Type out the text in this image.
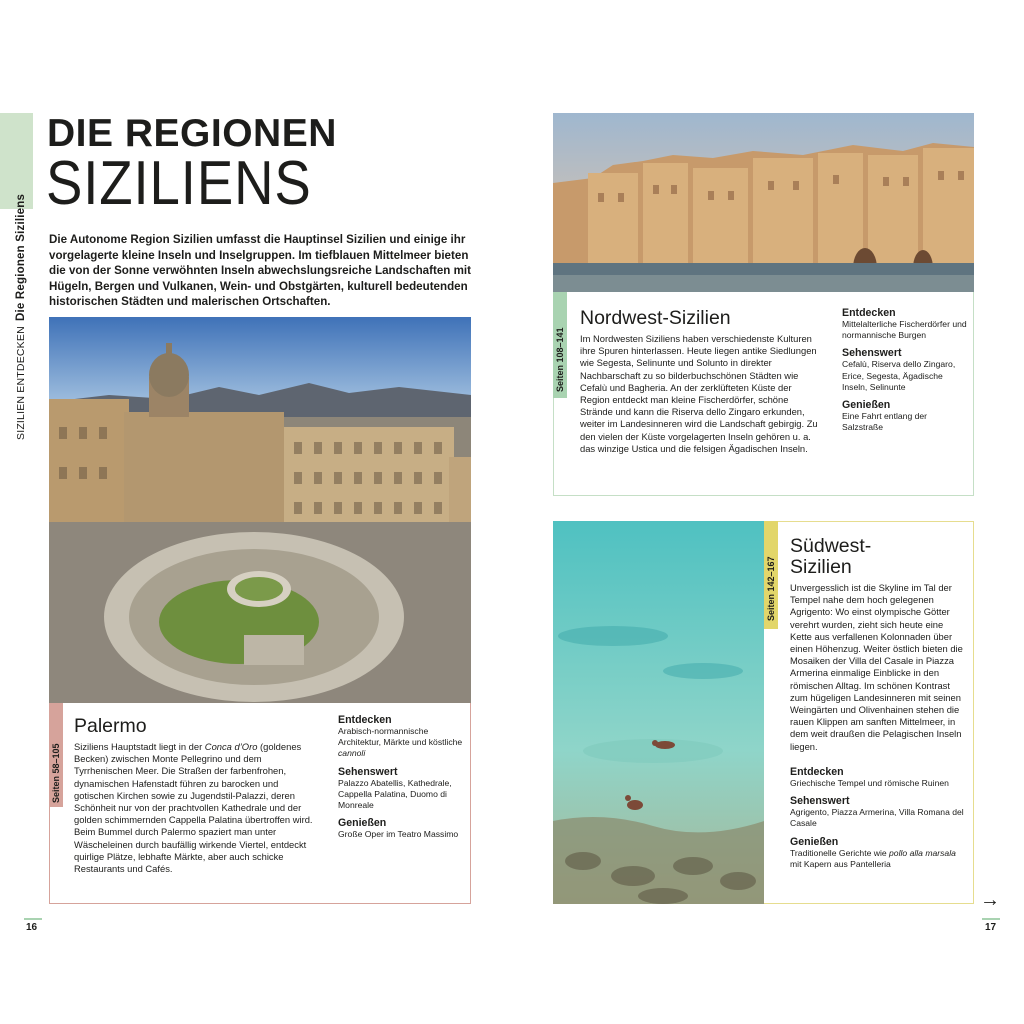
SIZILIEN ENTDECKEN Die Regionen Siziliens
DIE REGIONEN
SIZILIENS

Die Autonome Region Sizilien umfasst die Hauptinsel Sizilien und einige ihr vorgelagerte kleine Inseln und Inselgruppen. Im tiefblauen Mittelmeer bieten die von der Sonne verwöhnten Inseln abwechslungsreiche Landschaften mit Hügeln, Bergen und Vulkanen, Wein- und Obstgärten, kulturell bedeutenden historischen Städten und malerischen Ortschaften.

Seiten 58–105
Palermo
Siziliens Hauptstadt liegt in der Conca d’Oro (goldenes Becken) zwischen Monte Pellegrino und dem Tyrrhenischen Meer. Die Straßen der farbenfrohen, dynamischen Hafenstadt führen zu barocken und gotischen Kirchen sowie zu Jugendstil-Palazzi, deren Schönheit nur von der prachtvollen Kathedrale und der golden schimmernden Cappella Palatina übertroffen wird. Beim Bummel durch Palermo spaziert man unter Wäscheleinen durch baufällig wirkende Viertel, entdeckt quirlige Plätze, lebhafte Märkte, aber auch schicke Restaurants und Cafés.
Entdecken
Arabisch-normannische Architektur, Märkte und köstliche cannoli
Sehenswert
Palazzo Abatellis, Kathedrale, Cappella Palatina, Duomo di Monreale
Genießen
Große Oper im Teatro Massimo
16
Seiten 108–141
Nordwest-Sizilien
Im Nordwesten Siziliens haben verschiedenste Kulturen ihre Spuren hinterlassen. Heute liegen antike Siedlungen wie Segesta, Selinunte und Solunto in direkter Nachbarschaft zu so bilderbuchschönen Städten wie Cefalù und Bagheria. An der zerklüfteten Küste der Region entdeckt man kleine Fischerdörfer, schöne Strände und kann die Riserva dello Zingaro erkunden, weiter im Landesinneren wird die Landschaft gebirgig. Zu den vielen der Küste vorgelagerten Inseln gehören u. a. das winzige Ustica und die felsigen Ägadischen Inseln.
Entdecken
Mittelalterliche Fischerdörfer und normannische Burgen
Sehenswert
Cefalù, Riserva dello Zingaro, Erice, Segesta, Ägadische Inseln, Selinunte
Genießen
Eine Fahrt entlang der Salzstraße
Seiten 142–167
Südwest-Sizilien
Unvergesslich ist die Skyline im Tal der Tempel nahe dem hoch gelegenen Agrigento: Wo einst olympische Götter verehrt wurden, zieht sich heute eine Kette aus verfallenen Kolonnaden über einen Höhenzug. Weiter östlich bieten die Mosaiken der Villa del Casale in Piazza Armerina einmalige Einblicke in den römischen Alltag. Im schönen Kontrast zum hügeligen Landesinneren mit seinen Weingärten und Olivenhainen stehen die rauen Klippen am sanften Mittelmeer, in dem weit draußen die Pelagischen Inseln liegen.
Entdecken
Griechische Tempel und römische Ruinen
Sehenswert
Agrigento, Piazza Armerina, Villa Romana del Casale
Genießen
Traditionelle Gerichte wie pollo alla marsala mit Kapern aus Pantelleria
→
17
